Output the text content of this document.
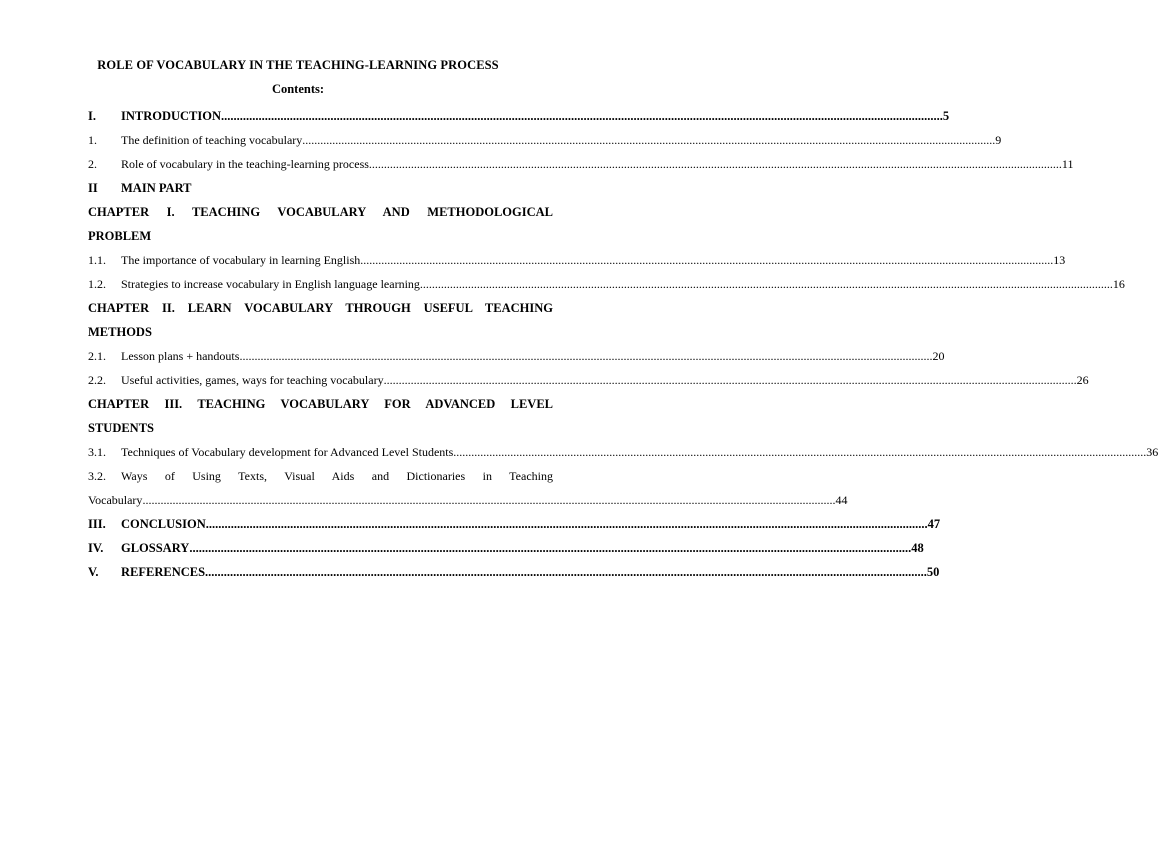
ROLE OF VOCABULARY IN THE TEACHING-LEARNING PROCESS
Contents:
I.	INTRODUCTION .....	5
1.	The definition of teaching vocabulary .....	9
2.	Role of vocabulary in the teaching-learning process .....	11
II	MAIN PART
CHAPTER I. TEACHING VOCABULARY AND METHODOLOGICAL
PROBLEM
1.1.	The importance of vocabulary in learning English .....	13
1.2.	Strategies to increase vocabulary in English language learning .....	16
CHAPTER II. LEARN VOCABULARY THROUGH USEFUL TEACHING
METHODS
2.1.	Lesson plans + handouts .....	20
2.2.	Useful activities, games, ways for teaching vocabulary .....	26
CHAPTER III. TEACHING VOCABULARY FOR ADVANCED LEVEL
STUDENTS
3.1.	Techniques of Vocabulary development for Advanced Level Students .....	36
3.2.	Ways of Using Texts, Visual Aids and Dictionaries in Teaching
Vocabulary .....	44
III.	CONCLUSION .....	47
IV.	GLOSSARY .....	48
V.	REFERENCES .....	50
